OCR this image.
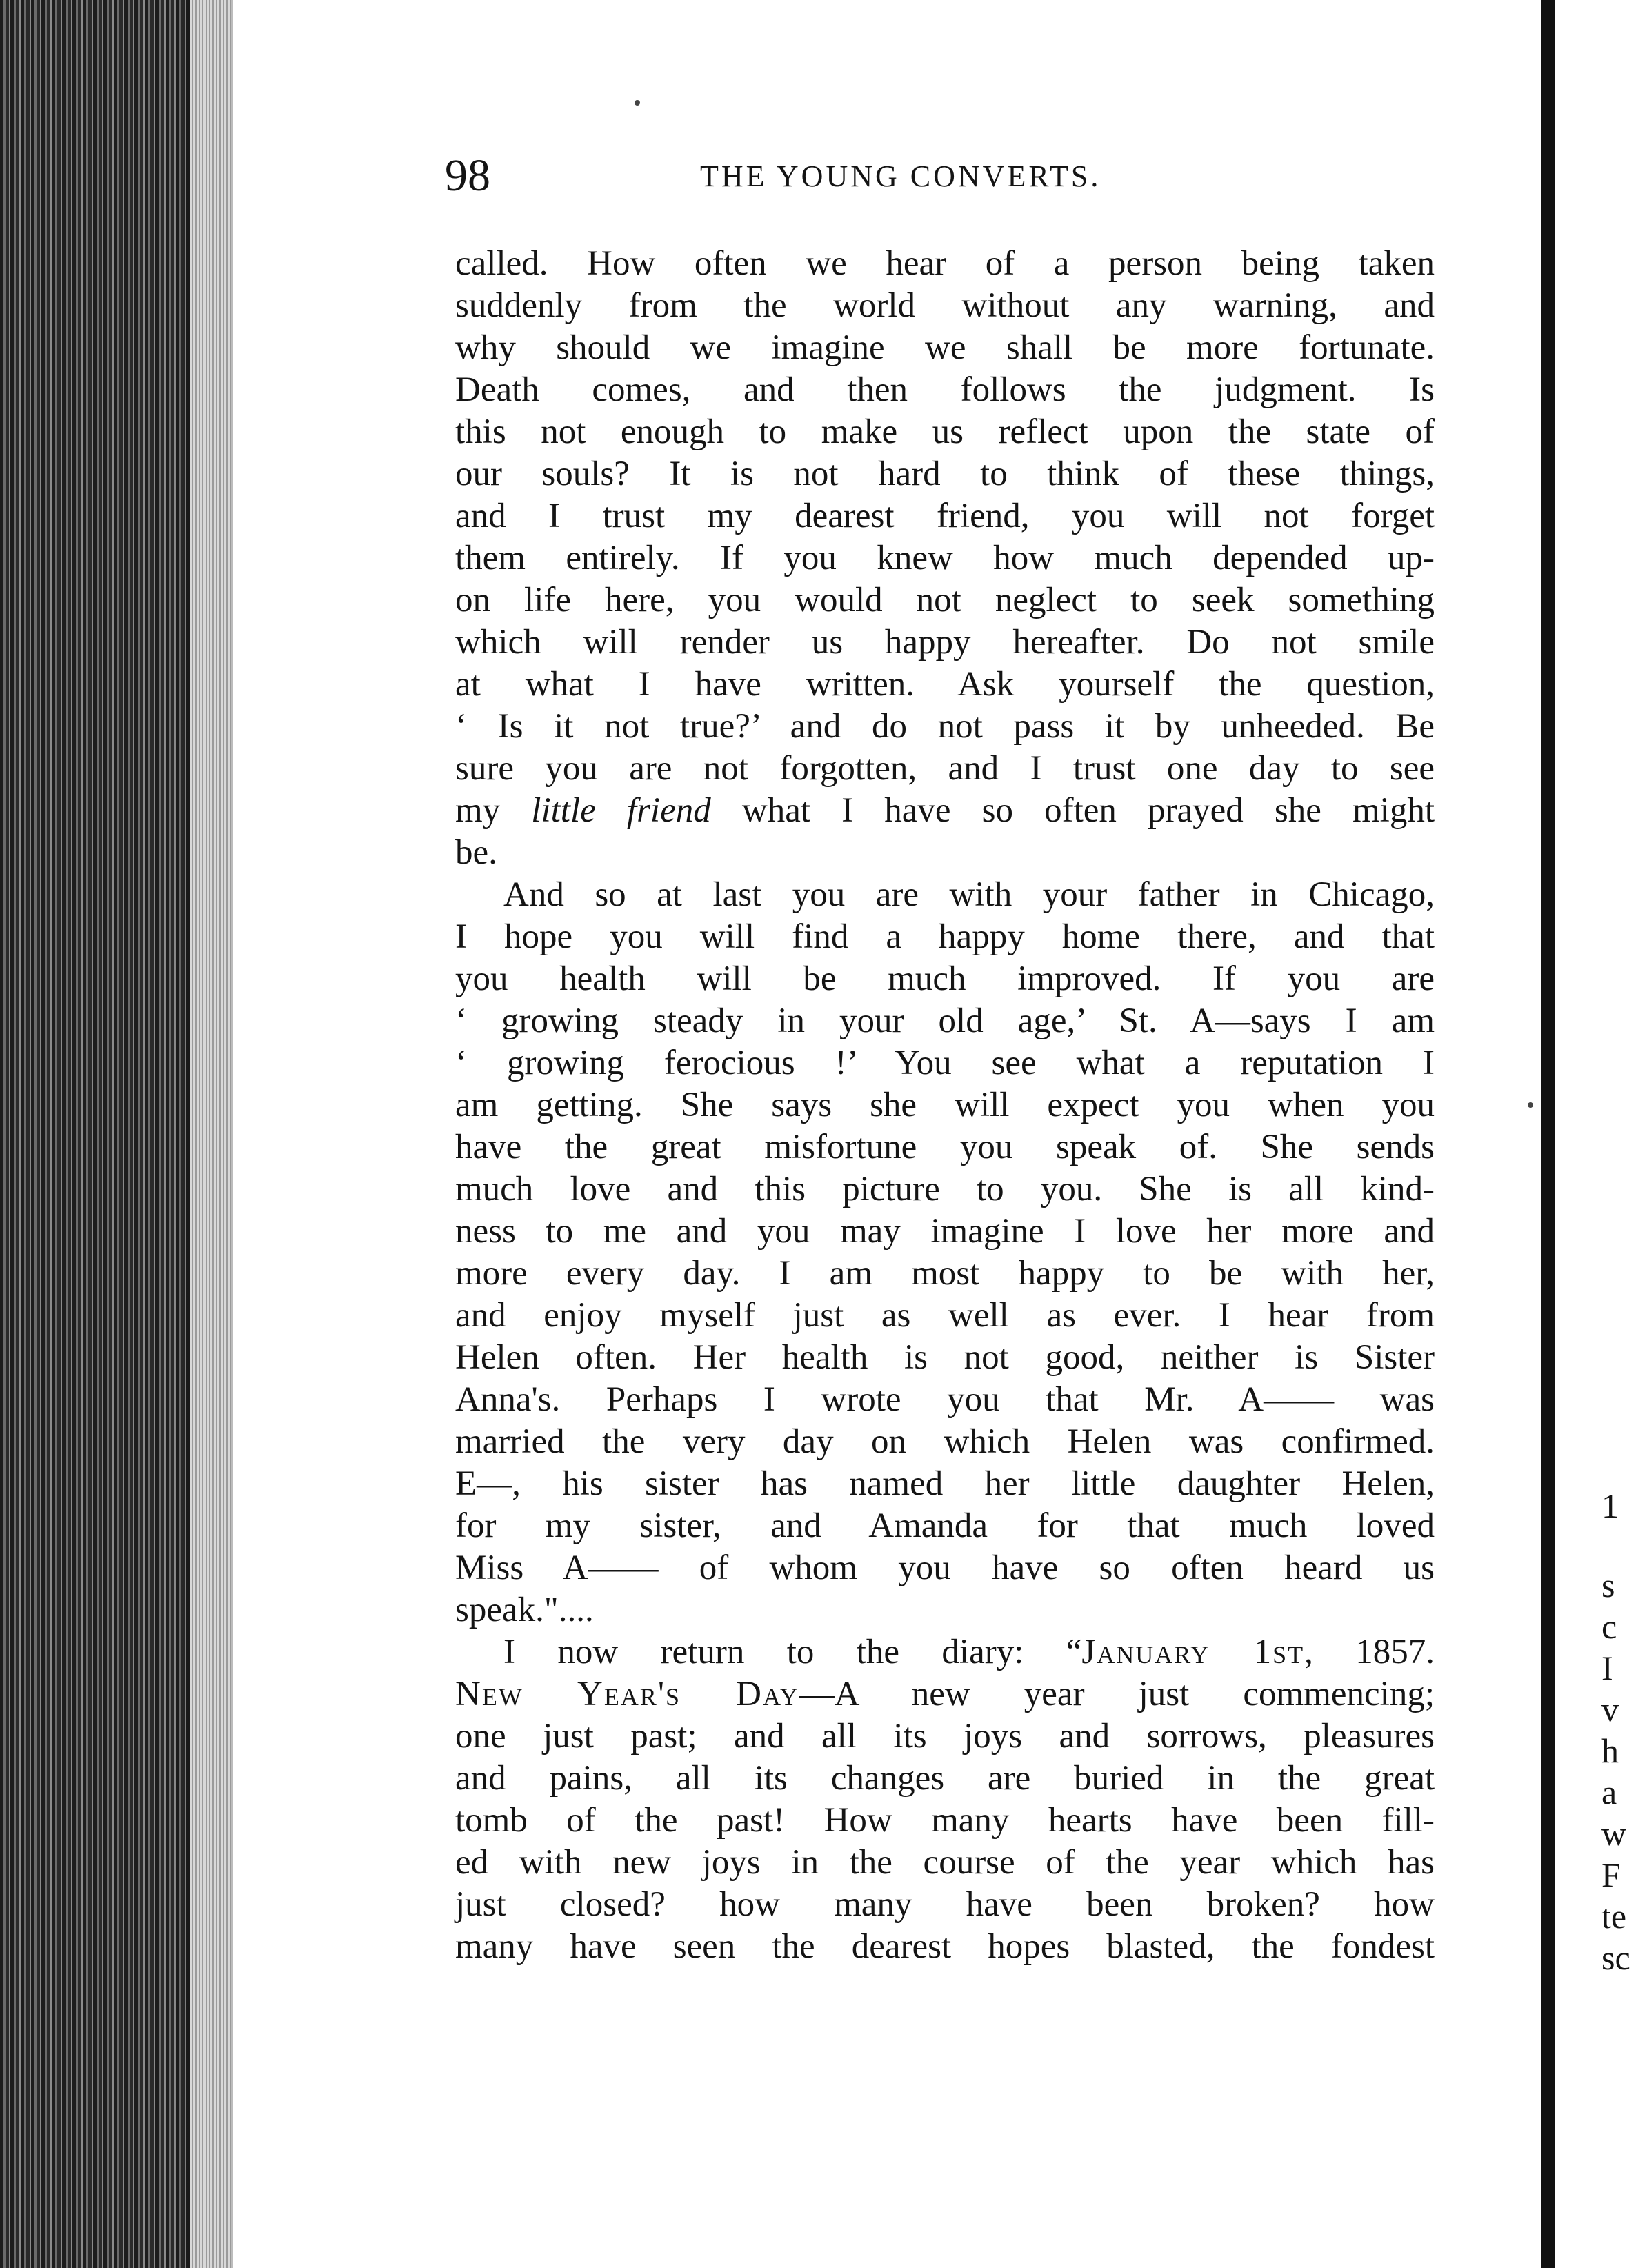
98	THE YOUNG CONVERTS.
called. How often we hear of a person being taken
suddenly from the world without any warning, and
why should we imagine we shall be more fortunate.
Death comes, and then follows the judgment. Is
this not enough to make us reflect upon the state of
our souls? It is not hard to think of these things,
and I trust my dearest friend, you will not forget
them entirely. If you knew how much depended up-
on life here, you would not neglect to seek something
which will render us happy hereafter. Do not smile
at what I have written. Ask yourself the question,
‘ Is it not true?’ and do not pass it by unheeded. Be
sure you are not forgotten, and I trust one day to see
my little friend what I have so often prayed she might
be.
And so at last you are with your father in Chicago,
I hope you will find a happy home there, and that
you health will be much improved. If you are
‘ growing steady in your old age,’ St. A—says I am
‘ growing ferocious !’ You see what a reputation I
am getting. She says she will expect you when you
have the great misfortune you speak of. She sends
much love and this picture to you. She is all kind-
ness to me and you may imagine I love her more and
more every day. I am most happy to be with her,
and enjoy myself just as well as ever. I hear from
Helen often. Her health is not good, neither is Sister
Anna's. Perhaps I wrote you that Mr. A—— was
married the very day on which Helen was confirmed.
E—, his sister has named her little daughter Helen,
for my sister, and Amanda for that much loved
Miss A—— of whom you have so often heard us
speak."....
I now return to the diary: “January 1st, 1857.
New Year's Day—A new year just commencing;
one just past; and all its joys and sorrows, pleasures
and pains, all its changes are buried in the great
tomb of the past! How many hearts have been fill-
ed with new joys in the course of the year which has
just closed? how many have been broken? how
many have seen the dearest hopes blasted, the fondest
1
s
c
I
v
h
a
w
F
te
sc
